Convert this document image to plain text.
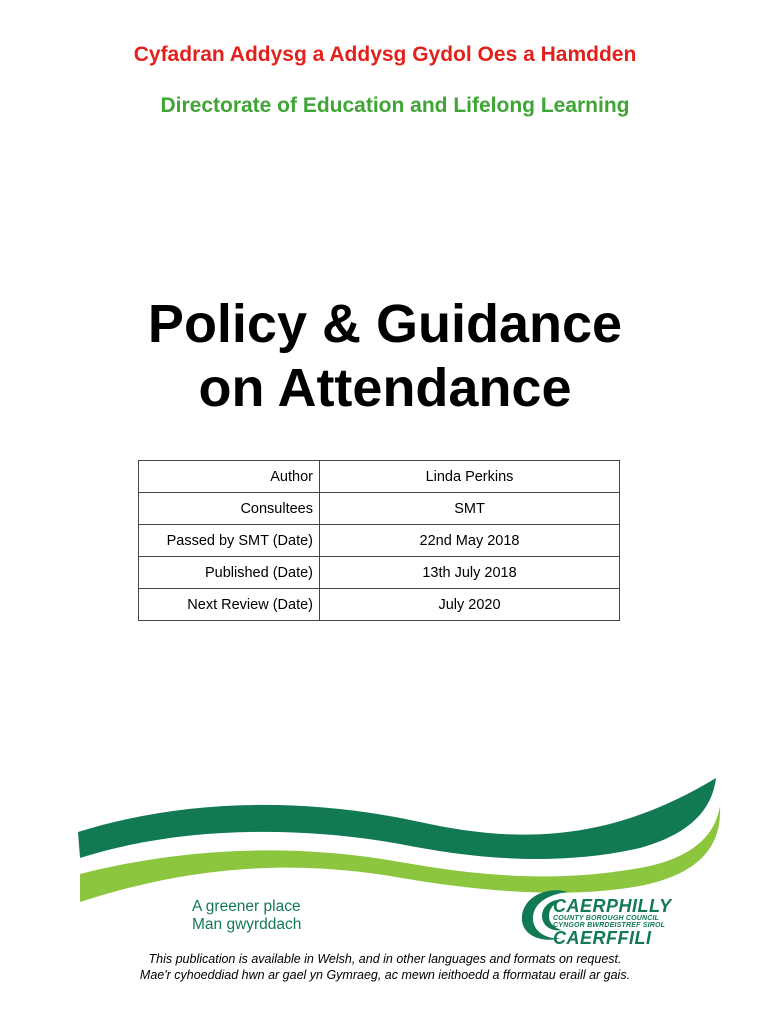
Cyfadran Addysg a Addysg Gydol Oes a Hamdden
Directorate of Education and Lifelong Learning
Policy & Guidance
on Attendance
Author	Linda Perkins
Consultees	SMT
Passed by SMT (Date)	22nd May 2018
Published (Date)	13th July 2018
Next Review (Date)	July 2020
A greener place
Man gwyrddach
CAERPHILLY
COUNTY BOROUGH COUNCIL
CYNGOR BWRDEISTREF SIROL
CAERFFILI
This publication is available in Welsh, and in other languages and formats on request.
Mae'r cyhoeddiad hwn ar gael yn Gymraeg, ac mewn ieithoedd a fformatau eraill ar gais.
